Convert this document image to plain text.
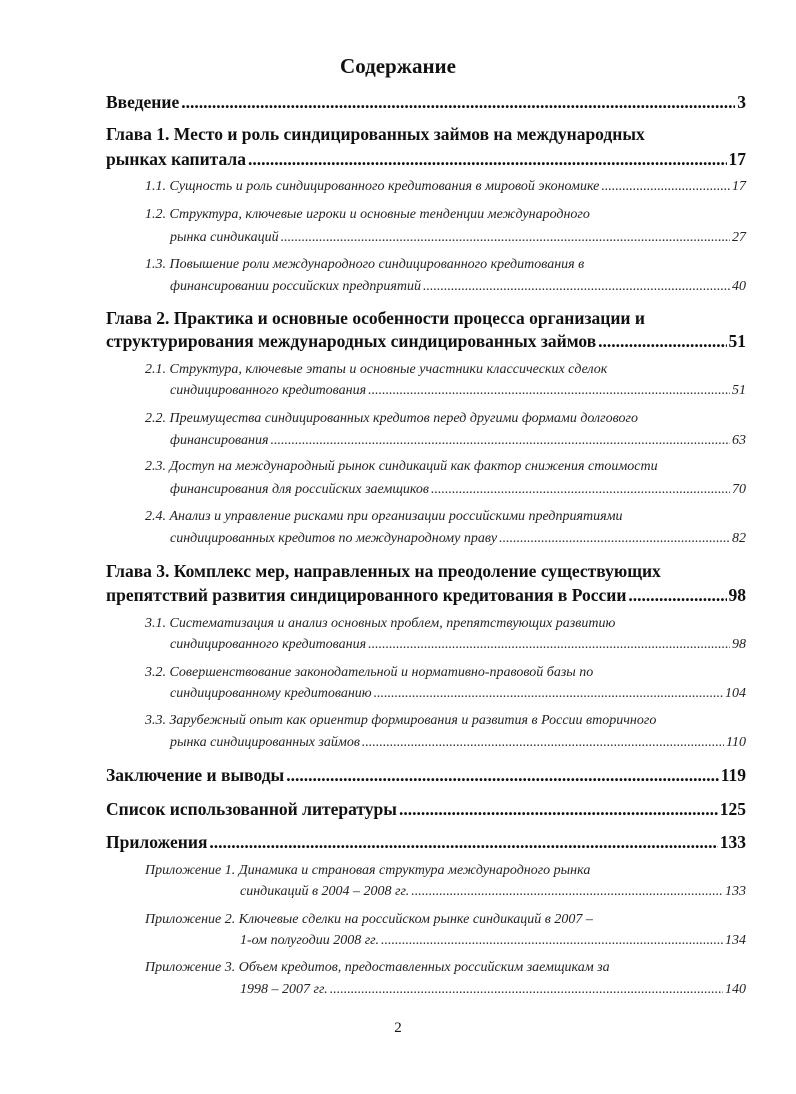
Содержание
Введение .....	3
Глава 1. Место и роль синдицированных займов на международных
рынках капитала .....	17
1.1. Сущность и роль синдицированного кредитования в мировой экономике .....	17
1.2. Структура, ключевые игроки и основные тенденции международного
рынка синдикаций .....	27
1.3. Повышение роли международного синдицированного кредитования в
финансировании российских предприятий .....	40
Глава 2. Практика и основные особенности процесса организации и
структурирования международных синдицированных займов .....	51
2.1. Структура, ключевые этапы и основные участники классических сделок
синдицированного кредитования .....	51
2.2. Преимущества синдицированных кредитов перед другими формами долгового
финансирования .....	63
2.3. Доступ на международный рынок синдикаций как фактор снижения стоимости
финансирования для российских заемщиков .....	70
2.4. Анализ и управление рисками при организации российскими предприятиями
синдицированных кредитов по международному праву .....	82
Глава 3. Комплекс мер, направленных на преодоление существующих
препятствий развития синдицированного кредитования в России .....	98
3.1. Систематизация и анализ основных проблем, препятствующих развитию
синдицированного кредитования .....	98
3.2. Совершенствование законодательной и нормативно-правовой базы по
синдицированному кредитованию .....	104
3.3. Зарубежный опыт как ориентир формирования и развития в России вторичного
рынка синдицированных займов .....	110
Заключение и выводы .....	119
Список использованной литературы .....	125
Приложения .....	133
Приложение 1. Динамика и страновая структура международного рынка
синдикаций в 2004 – 2008 гг. .....	133
Приложение 2. Ключевые сделки на российском рынке синдикаций в 2007 –
1-ом полугодии 2008 гг. .....	134
Приложение 3. Объем кредитов, предоставленных российским заемщикам за
1998 – 2007 гг. .....	140
2
